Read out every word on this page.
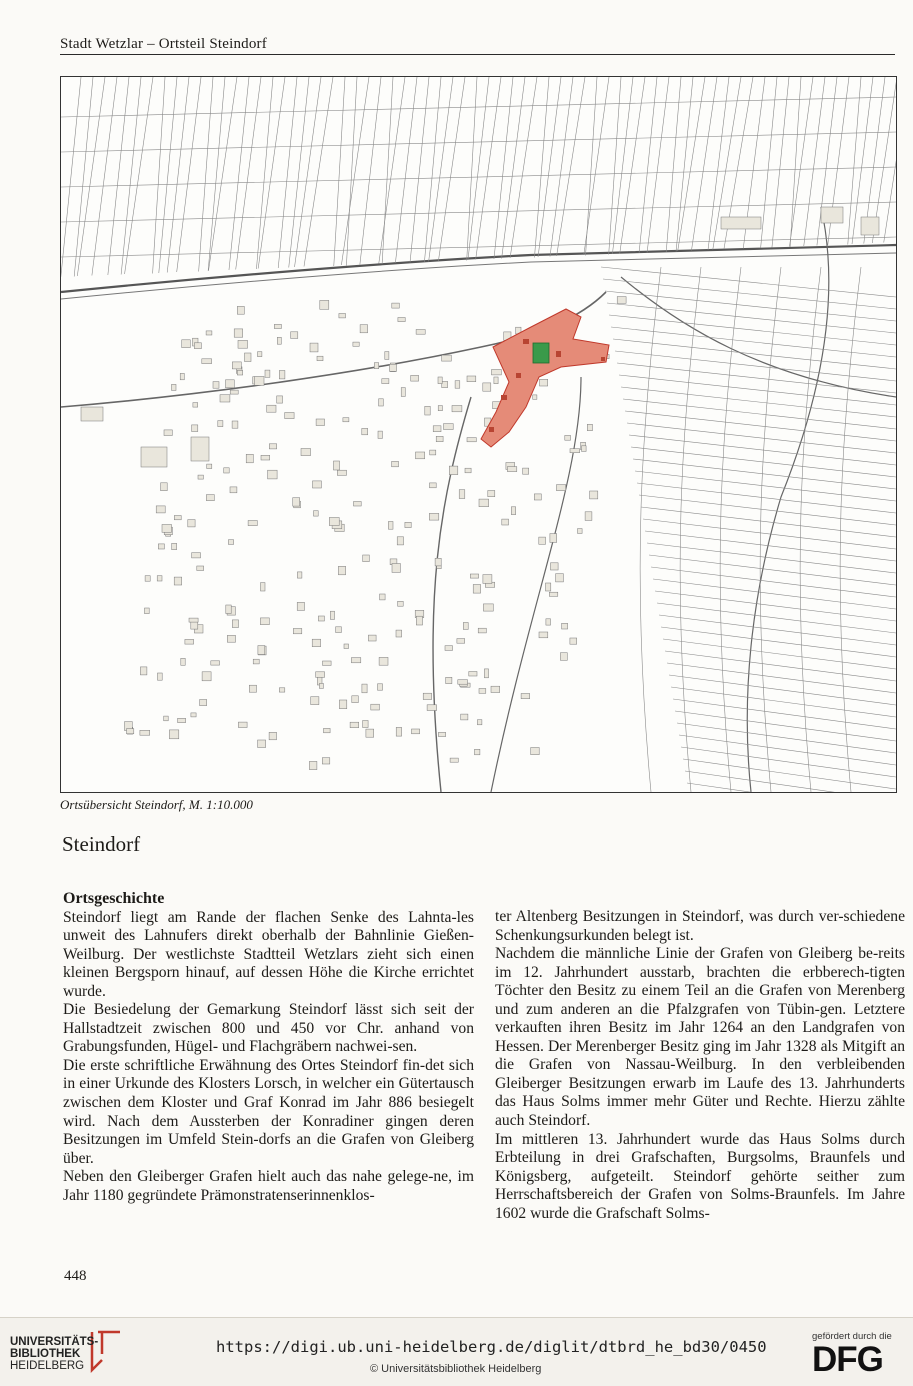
Stadt Wetzlar – Ortsteil Steindorf
Ortsübersicht Steindorf, M. 1:10.000
Steindorf

Ortsgeschichte

Steindorf liegt am Rande der flachen Senke des Lahnta-les unweit des Lahnufers direkt oberhalb der Bahnlinie Gießen-Weilburg. Der westlichste Stadtteil Wetzlars zieht sich einen kleinen Bergsporn hinauf, auf dessen Höhe die Kirche errichtet wurde.

Die Besiedelung der Gemarkung Steindorf lässt sich seit der Hallstadtzeit zwischen 800 und 450 vor Chr. anhand von Grabungsfunden, Hügel- und Flachgräbern nachwei-sen.

Die erste schriftliche Erwähnung des Ortes Steindorf fin-det sich in einer Urkunde des Klosters Lorsch, in welcher ein Gütertausch zwischen dem Kloster und Graf Konrad im Jahr 886 besiegelt wird. Nach dem Aussterben der Konradiner gingen deren Besitzungen im Umfeld Stein-dorfs an die Grafen von Gleiberg über.

Neben den Gleiberger Grafen hielt auch das nahe gelege-ne, im Jahr 1180 gegründete Prämonstratenserinnenklos-

ter Altenberg Besitzungen in Steindorf, was durch ver-schiedene Schenkungsurkunden belegt ist.

Nachdem die männliche Linie der Grafen von Gleiberg be-reits im 12. Jahrhundert ausstarb, brachten die erbberech-tigten Töchter den Besitz zu einem Teil an die Grafen von Merenberg und zum anderen an die Pfalzgrafen von Tübin-gen. Letztere verkauften ihren Besitz im Jahr 1264 an den Landgrafen von Hessen. Der Merenberger Besitz ging im Jahr 1328 als Mitgift an die Grafen von Nassau-Weilburg. In den verbleibenden Gleiberger Besitzungen erwarb im Laufe des 13. Jahrhunderts das Haus Solms immer mehr Güter und Rechte. Hierzu zählte auch Steindorf.

Im mittleren 13. Jahrhundert wurde das Haus Solms durch Erbteilung in drei Grafschaften, Burgsolms, Braunfels und Königsberg, aufgeteilt. Steindorf gehörte seither zum Herrschaftsbereich der Grafen von Solms-Braunfels. Im Jahre 1602 wurde die Grafschaft Solms-

448
UNIVERSITÄTS-
BIBLIOTHEK
HEIDELBERG
https://digi.ub.uni-heidelberg.de/diglit/dtbrd_he_bd30/0450
© Universitätsbibliothek Heidelberg
gefördert durch die
DFG
